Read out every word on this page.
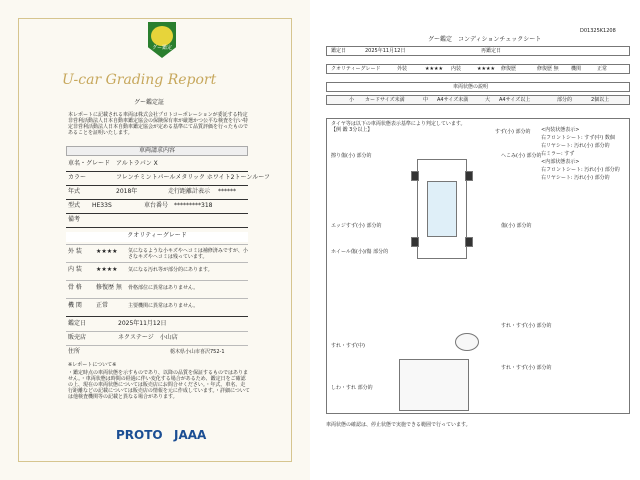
グー鑑定
U-car Grading Report
グー鑑定証
本レポートに記載される車両は株式会社プロトコーポレーションが委託する特定非営利活動法人日本自動車鑑定協会の保険保有車が厳選かつ公平な検査を行い特定非営利活動法人日本自動車鑑定協会が定める基準にて品質評価を行ったものであることを証明いたします。
車両請求内容
車名・グレード アルトラパン X
カラー	フレンチミントパールメタリック ホワイト2トーンルーフ
年式	2018年	走行距離計表示 ******
型式 HE33S	車台番号 *********318
備考
クオリティーグレード
外 装 ★★★★ 気になるような小キズやヘコミは補修済みですが、小さなキズやヘコミは残っています。
内 装 ★★★★ 気になる汚れ等が部分的にあります。
骨 格 修復歴 無 骨格部位に異常はありません。
機 関 正常	主要機関に異常はありません。
鑑定日	2025年11月12日
販売店	ネクステージ　小山店
住所	栃木県小山市喜沢752-1
※レポートについて※
・鑑定時点の車両状態を示すものであり、以降の品質を保証するものではありません。・車両状態は時間の経過に伴い変化する場合があるため、鑑定日をご確認の上、現在の車両状態については販売店にお問合せください。・年式、車名、走行距離などの記載については販売店の情報を元に作成しています。・詳細については他検査機関等の記載と異なる場合があります。
PROTO JAAA
D01325K1208
グー鑑定　コンディションチェックシート
鑑定日	2025年11月12日	再鑑定日
クオリティーグレード	外装	★★★★ 内装	★★★★ 修復歴	修復歴 無 機関	正常
車両状態の説明
小 カードサイズ未満	中 A4サイズ未満	大 A4サイズ以上	部分的	2個以上
タイヤ等は以下の車両状態表示基準により判定しています。
【例 鑑 3分以上】	<内装状態表示>
右フロントシート: すず(中) 数個
右リヤシート: 汚れ(小) 部分的
右ミラー: すず
<内部状態表示>
右フロントシート: 汚れ(小) 部分的
右リヤシート: 汚れ(小) 部分的
すず(小) 部分的
擦り傷(小) 部分的	へこみ(小) 部分的
エッジすず(小) 部分的	傷(小) 部分的
ホイール傷(小)/傷 部分的
すれ・すず(小) 部分的
すれ・すず(中)
すれ・すず(小) 部分的
しわ・すれ 部分的
車両状態の確認は、停止状態で実施できる範囲で行っています。
